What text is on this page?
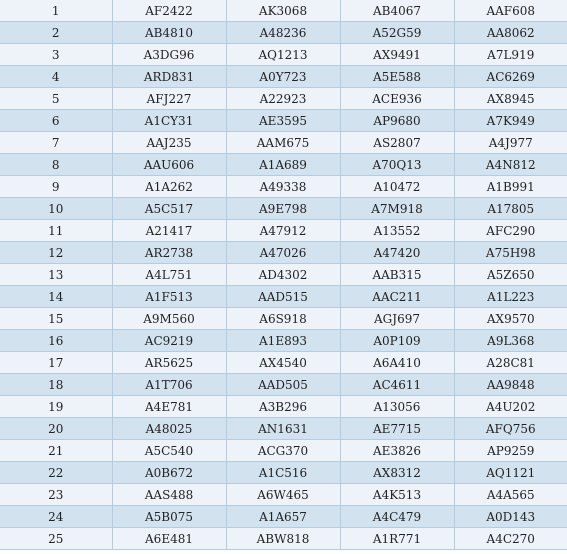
1	AF2422	AK3068	AB4067	AAF608
2	AB4810	A48236	A52G59	AA8062
3	A3DG96	AQ1213	AX9491	A7L919
4	ARD831	A0Y723	A5E588	AC6269
5	AFJ227	A22923	ACE936	AX8945
6	A1CY31	AE3595	AP9680	A7K949
7	AAJ235	AAM675	AS2807	A4J977
8	AAU606	A1A689	A70Q13	A4N812
9	A1A262	A49338	A10472	A1B991
10	A5C517	A9E798	A7M918	A17805
11	A21417	A47912	A13552	AFC290
12	AR2738	A47026	A47420	A75H98
13	A4L751	AD4302	AAB315	A5Z650
14	A1F513	AAD515	AAC211	A1L223
15	A9M560	A6S918	AGJ697	AX9570
16	AC9219	A1E893	A0P109	A9L368
17	AR5625	AX4540	A6A410	A28C81
18	A1T706	AAD505	AC4611	AA9848
19	A4E781	A3B296	A13056	A4U202
20	A48025	AN1631	AE7715	AFQ756
21	A5C540	ACG370	AE3826	AP9259
22	A0B672	A1C516	AX8312	AQ1121
23	AAS488	A6W465	A4K513	A4A565
24	A5B075	A1A657	A4C479	A0D143
25	A6E481	ABW818	A1R771	A4C270
